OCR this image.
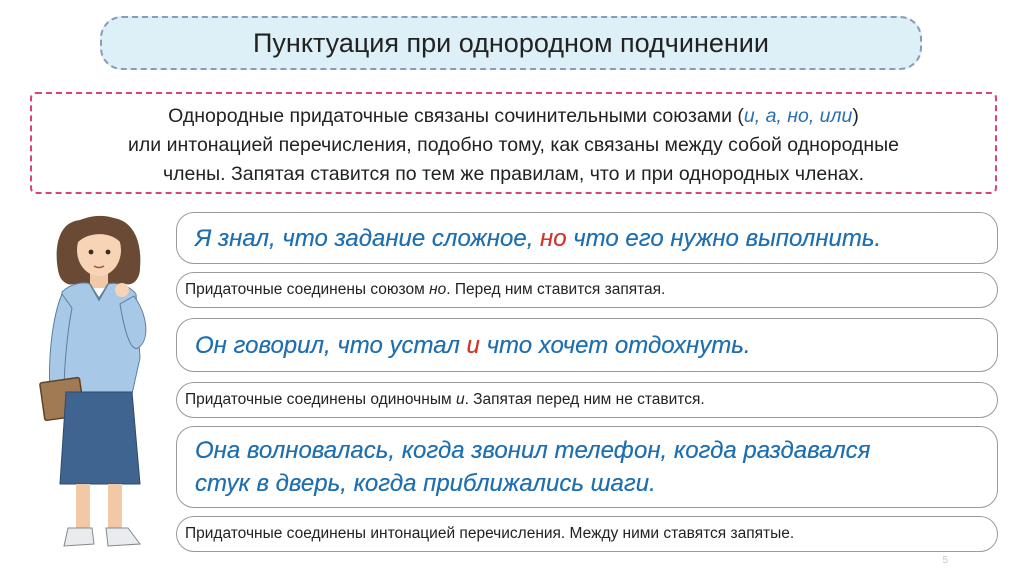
Пунктуация при однородном подчинении
Однородные придаточные связаны сочинительными союзами (и, а, но, или)
или интонацией перечисления, подобно тому, как связаны между собой однородные
члены. Запятая ставится по тем же правилам, что и при однородных членах.
Я знал, что задание сложное, но что его нужно выполнить.
Придаточные соединены союзом но. Перед ним ставится запятая.
Он говорил, что устал и что хочет отдохнуть.
Придаточные соединены одиночным и. Запятая перед ним не ставится.
Она волновалась, когда звонил телефон, когда раздавался
стук в дверь, когда приближались шаги.
Придаточные соединены интонацией перечисления. Между ними ставятся запятые.
5
